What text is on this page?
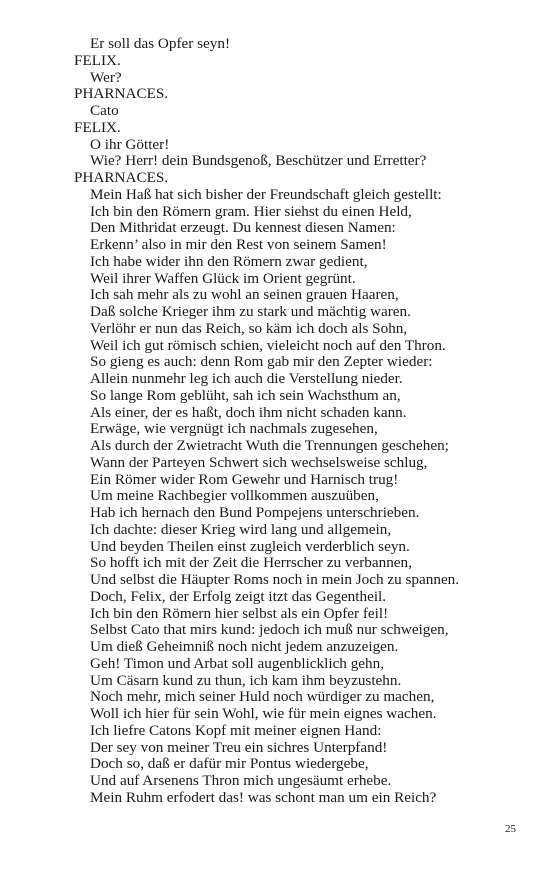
Er soll das Opfer seyn!
FELIX.
Wer?
PHARNACES.
Cato
FELIX.
O ihr Götter!
Wie? Herr! dein Bundsgenoß, Beschützer und Erretter?
PHARNACES.
Mein Haß hat sich bisher der Freundschaft gleich gestellt:
Ich bin den Römern gram. Hier siehst du einen Held,
Den Mithridat erzeugt. Du kennest diesen Namen:
Erkenn’ also in mir den Rest von seinem Samen!
Ich habe wider ihn den Römern zwar gedient,
Weil ihrer Waffen Glück im Orient gegrünt.
Ich sah mehr als zu wohl an seinen grauen Haaren,
Daß solche Krieger ihm zu stark und mächtig waren.
Verlöhr er nun das Reich, so käm ich doch als Sohn,
Weil ich gut römisch schien, vieleicht noch auf den Thron.
So gieng es auch: denn Rom gab mir den Zepter wieder:
Allein nunmehr leg ich auch die Verstellung nieder.
So lange Rom geblüht, sah ich sein Wachsthum an,
Als einer, der es haßt, doch ihm nicht schaden kann.
Erwäge, wie vergnügt ich nachmals zugesehen,
Als durch der Zwietracht Wuth die Trennungen geschehen;
Wann der Parteyen Schwert sich wechselsweise schlug,
Ein Römer wider Rom Gewehr und Harnisch trug!
Um meine Rachbegier vollkommen auszuüben,
Hab ich hernach den Bund Pompejens unterschrieben.
Ich dachte: dieser Krieg wird lang und allgemein,
Und beyden Theilen einst zugleich verderblich seyn.
So hofft ich mit der Zeit die Herrscher zu verbannen,
Und selbst die Häupter Roms noch in mein Joch zu spannen.
Doch, Felix, der Erfolg zeigt itzt das Gegentheil.
Ich bin den Römern hier selbst als ein Opfer feil!
Selbst Cato that mirs kund: jedoch ich muß nur schweigen,
Um dieß Geheimniß noch nicht jedem anzuzeigen.
Geh! Timon und Arbat soll augenblicklich gehn,
Um Cäsarn kund zu thun, ich kam ihm beyzustehn.
Noch mehr, mich seiner Huld noch würdiger zu machen,
Woll ich hier für sein Wohl, wie für mein eignes wachen.
Ich liefre Catons Kopf mit meiner eignen Hand:
Der sey von meiner Treu ein sichres Unterpfand!
Doch so, daß er dafür mir Pontus wiedergebe,
Und auf Arsenens Thron mich ungesäumt erhebe.
Mein Ruhm erfodert das! was schont man um ein Reich?
25
